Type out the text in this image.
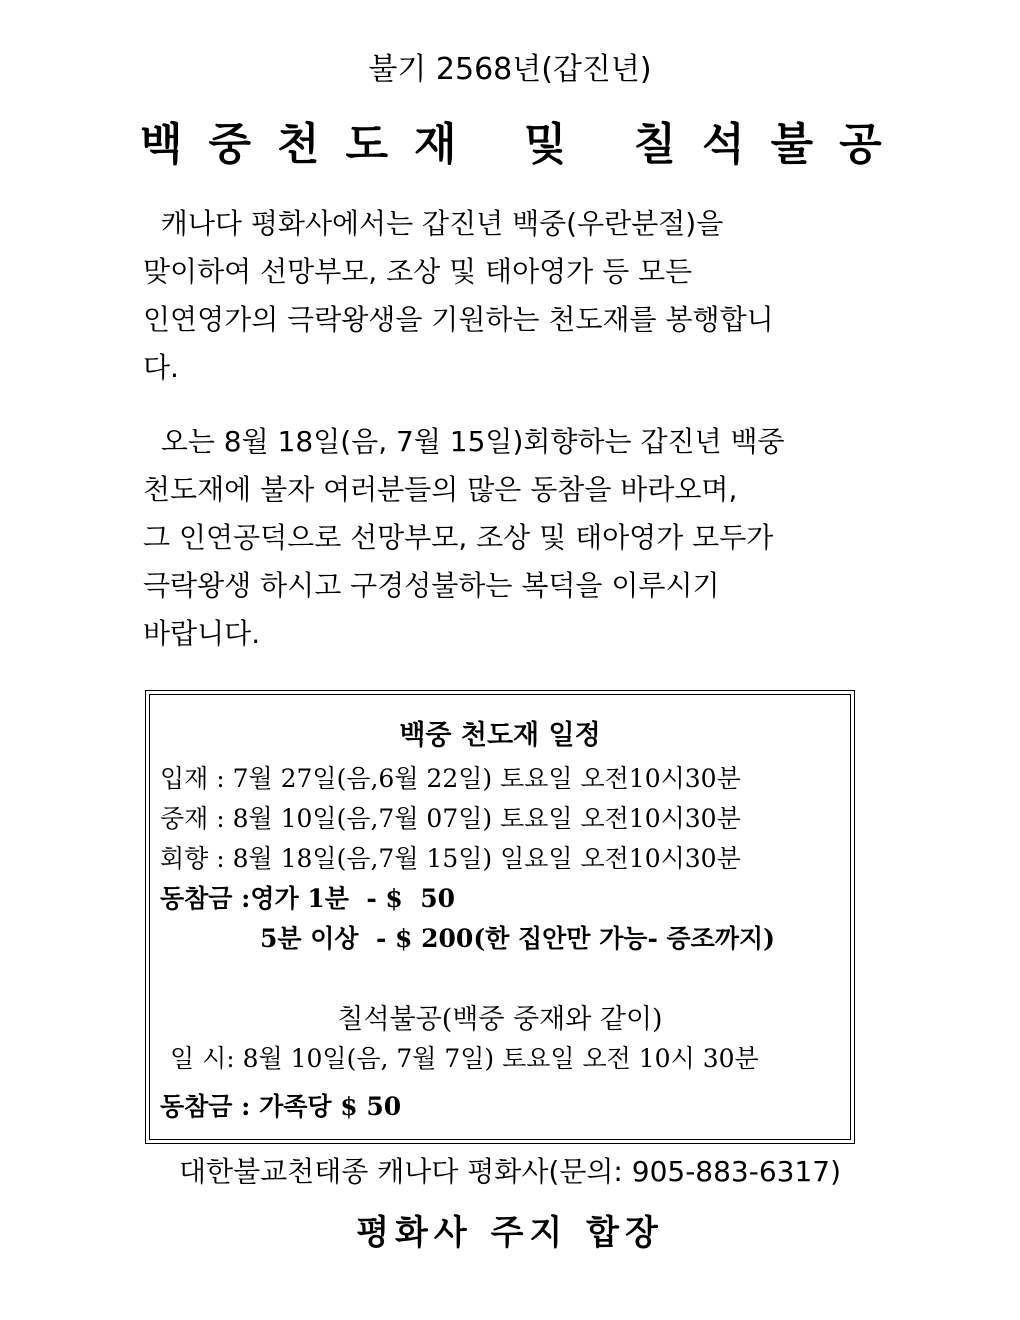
불기 2568년(갑진년)
백중천도재 및 칠석불공
캐나다 평화사에서는 갑진년 백중(우란분절)을
맞이하여 선망부모, 조상 및 태아영가 등 모든
인연영가의 극락왕생을 기원하는 천도재를 봉행합니
다.
오는 8월 18일(음, 7월 15일)회향하는 갑진년 백중
천도재에 불자 여러분들의 많은 동참을 바라오며,
그 인연공덕으로 선망부모, 조상 및 태아영가 모두가
극락왕생 하시고 구경성불하는 복덕을 이루시기
바랍니다.
백중 천도재 일정
입재 : 7월 27일(음,6월 22일) 토요일 오전10시30분
중재 : 8월 10일(음,7월 07일) 토요일 오전10시30분
회향 : 8월 18일(음,7월 15일) 일요일 오전10시30분
동참금 :영가 1분  - $  50
5분 이상  - $ 200(한 집안만 가능- 증조까지)
칠석불공(백중 중재와 같이)
일 시: 8월 10일(음, 7월 7일) 토요일 오전 10시 30분
동참금 : 가족당 $ 50
대한불교천태종 캐나다 평화사(문의: 905-883-6317)
평화사 주지 합장
